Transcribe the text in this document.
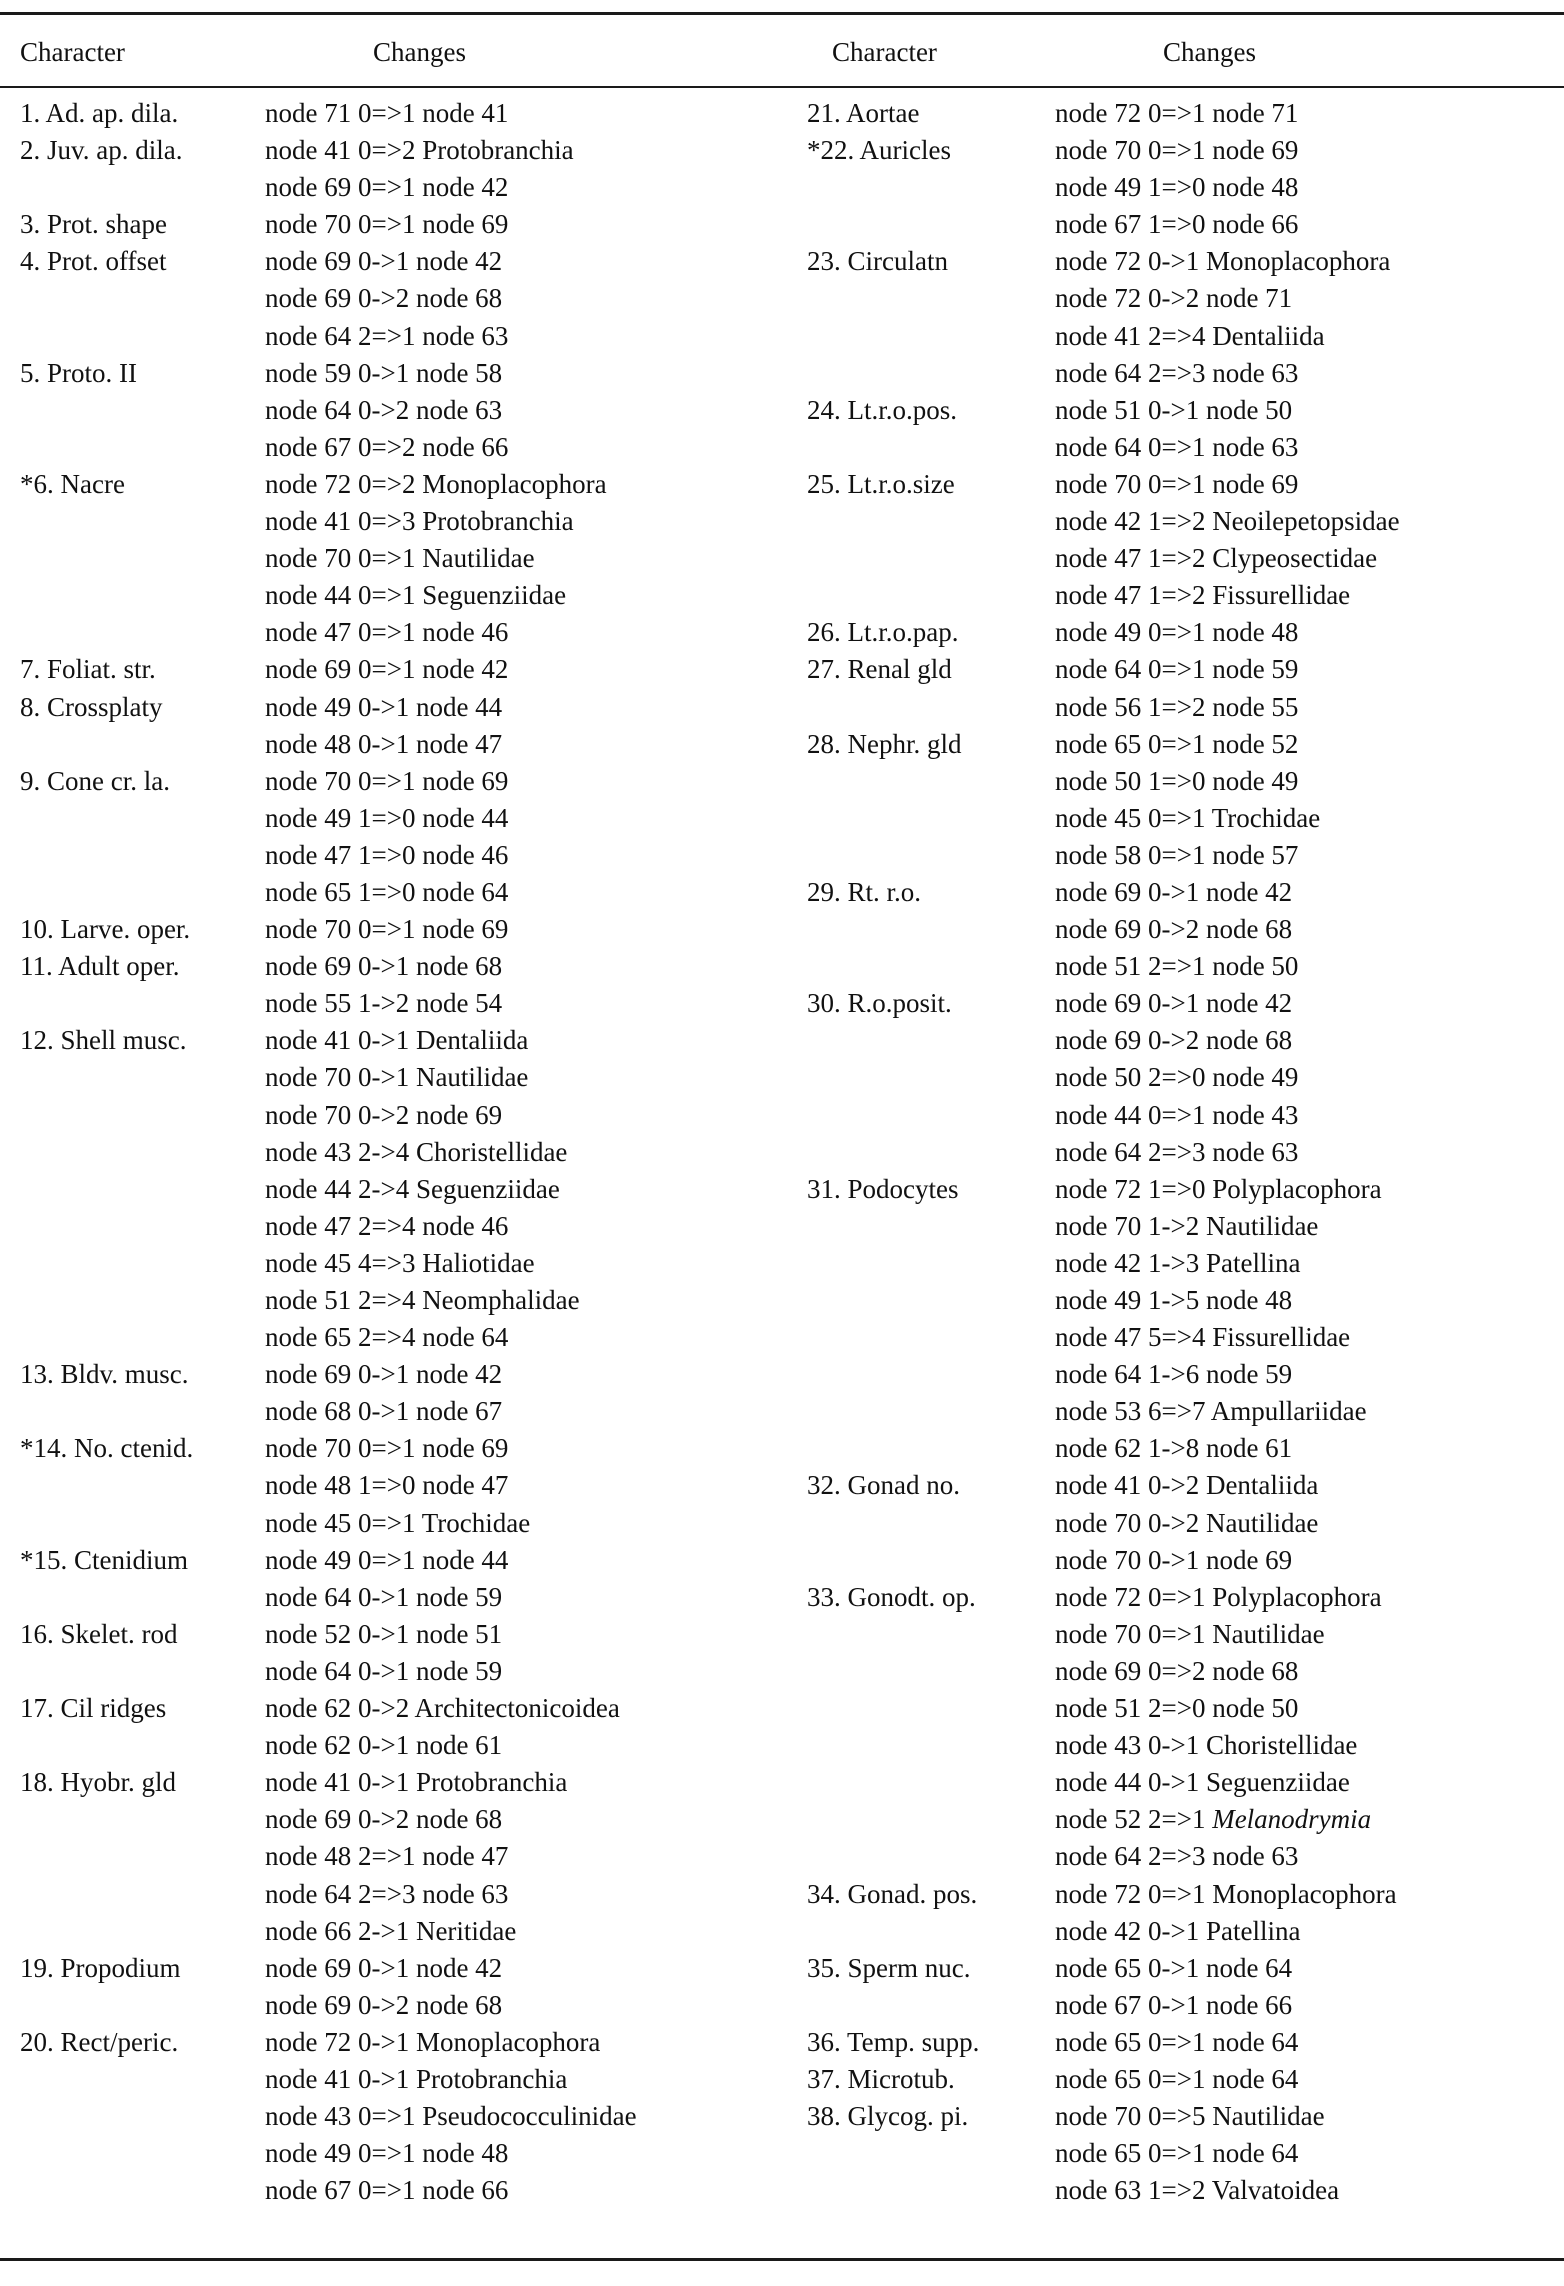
Character	Changes	Character	Changes
1. Ad. ap. dila.	node 71 0=>1 node 41
2. Juv. ap. dila.	node 41 0=>2 Protobranchia
node 69 0=>1 node 42
3. Prot. shape	node 70 0=>1 node 69
4. Prot. offset	node 69 0->1 node 42
node 69 0->2 node 68
node 64 2=>1 node 63
5. Proto. II	node 59 0->1 node 58
node 64 0->2 node 63
node 67 0=>2 node 66
*6. Nacre	node 72 0=>2 Monoplacophora
node 41 0=>3 Protobranchia
node 70 0=>1 Nautilidae
node 44 0=>1 Seguenziidae
node 47 0=>1 node 46
7. Foliat. str.	node 69 0=>1 node 42
8. Crossplaty	node 49 0->1 node 44
node 48 0->1 node 47
9. Cone cr. la.	node 70 0=>1 node 69
node 49 1=>0 node 44
node 47 1=>0 node 46
node 65 1=>0 node 64
10. Larve. oper.	node 70 0=>1 node 69
11. Adult oper.	node 69 0->1 node 68
node 55 1->2 node 54
12. Shell musc.	node 41 0->1 Dentaliida
node 70 0->1 Nautilidae
node 70 0->2 node 69
node 43 2->4 Choristellidae
node 44 2->4 Seguenziidae
node 47 2=>4 node 46
node 45 4=>3 Haliotidae
node 51 2=>4 Neomphalidae
node 65 2=>4 node 64
13. Bldv. musc.	node 69 0->1 node 42
node 68 0->1 node 67
*14. No. ctenid.	node 70 0=>1 node 69
node 48 1=>0 node 47
node 45 0=>1 Trochidae
*15. Ctenidium	node 49 0=>1 node 44
node 64 0->1 node 59
16. Skelet. rod	node 52 0->1 node 51
node 64 0->1 node 59
17. Cil ridges	node 62 0->2 Architectonicoidea
node 62 0->1 node 61
18. Hyobr. gld	node 41 0->1 Protobranchia
node 69 0->2 node 68
node 48 2=>1 node 47
node 64 2=>3 node 63
node 66 2->1 Neritidae
19. Propodium	node 69 0->1 node 42
node 69 0->2 node 68
20. Rect/peric.	node 72 0->1 Monoplacophora
node 41 0->1 Protobranchia
node 43 0=>1 Pseudococculinidae
node 49 0=>1 node 48
node 67 0=>1 node 66
21. Aortae	node 72 0=>1 node 71
*22. Auricles	node 70 0=>1 node 69
node 49 1=>0 node 48
node 67 1=>0 node 66
23. Circulatn	node 72 0->1 Monoplacophora
node 72 0->2 node 71
node 41 2=>4 Dentaliida
node 64 2=>3 node 63
24. Lt.r.o.pos.	node 51 0->1 node 50
node 64 0=>1 node 63
25. Lt.r.o.size	node 70 0=>1 node 69
node 42 1=>2 Neoilepetopsidae
node 47 1=>2 Clypeosectidae
node 47 1=>2 Fissurellidae
26. Lt.r.o.pap.	node 49 0=>1 node 48
27. Renal gld	node 64 0=>1 node 59
node 56 1=>2 node 55
28. Nephr. gld	node 65 0=>1 node 52
node 50 1=>0 node 49
node 45 0=>1 Trochidae
node 58 0=>1 node 57
29. Rt. r.o.	node 69 0->1 node 42
node 69 0->2 node 68
node 51 2=>1 node 50
30. R.o.posit.	node 69 0->1 node 42
node 69 0->2 node 68
node 50 2=>0 node 49
node 44 0=>1 node 43
node 64 2=>3 node 63
31. Podocytes	node 72 1=>0 Polyplacophora
node 70 1->2 Nautilidae
node 42 1->3 Patellina
node 49 1->5 node 48
node 47 5=>4 Fissurellidae
node 64 1->6 node 59
node 53 6=>7 Ampullariidae
node 62 1->8 node 61
32. Gonad no.	node 41 0->2 Dentaliida
node 70 0->2 Nautilidae
node 70 0->1 node 69
33. Gonodt. op.	node 72 0=>1 Polyplacophora
node 70 0=>1 Nautilidae
node 69 0=>2 node 68
node 51 2=>0 node 50
node 43 0->1 Choristellidae
node 44 0->1 Seguenziidae
node 52 2=>1 Melanodrymia
node 64 2=>3 node 63
34. Gonad. pos.	node 72 0=>1 Monoplacophora
node 42 0->1 Patellina
35. Sperm nuc.	node 65 0->1 node 64
node 67 0->1 node 66
36. Temp. supp.	node 65 0=>1 node 64
37. Microtub.	node 65 0=>1 node 64
38. Glycog. pi.	node 70 0=>5 Nautilidae
node 65 0=>1 node 64
node 63 1=>2 Valvatoidea
